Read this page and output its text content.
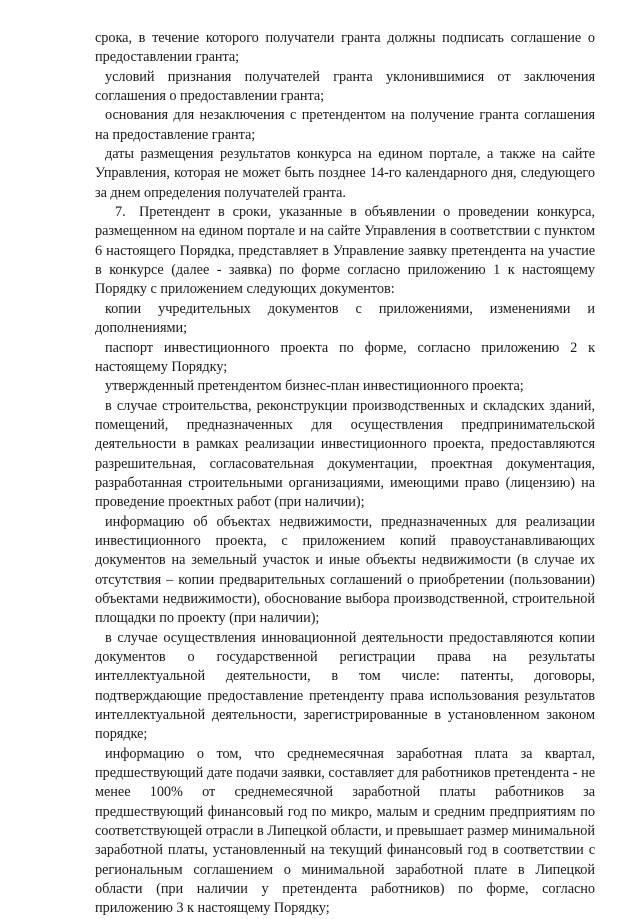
срока, в течение которого получатели гранта должны подписать соглашение о предоставлении гранта;

условий признания получателей гранта уклонившимися от заключения соглашения о предоставлении гранта;

основания для незаключения с претендентом на получение гранта соглашения на предоставление гранта;

даты размещения результатов конкурса на едином портале, а также на сайте Управления, которая не может быть позднее 14-го календарного дня, следующего за днем определения получателей гранта.

7. Претендент в сроки, указанные в объявлении о проведении конкурса, размещенном на едином портале и на сайте Управления в соответствии с пунктом 6 настоящего Порядка, представляет в Управление заявку претендента на участие в конкурсе (далее - заявка) по форме согласно приложению 1 к настоящему Порядку с приложением следующих документов:

копии учредительных документов с приложениями, изменениями и дополнениями;

паспорт инвестиционного проекта по форме, согласно приложению 2 к настоящему Порядку;

утвержденный претендентом бизнес-план инвестиционного проекта;

в случае строительства, реконструкции производственных и складских зданий, помещений, предназначенных для осуществления предпринимательской деятельности в рамках реализации инвестиционного проекта, предоставляются разрешительная, согласовательная документации, проектная документация, разработанная строительными организациями, имеющими право (лицензию) на проведение проектных работ (при наличии);

информацию об объектах недвижимости, предназначенных для реализации инвестиционного проекта, с приложением копий правоустанавливающих документов на земельный участок и иные объекты недвижимости (в случае их отсутствия – копии предварительных соглашений о приобретении (пользовании) объектами недвижимости), обоснование выбора производственной, строительной площадки по проекту (при наличии);

в случае осуществления инновационной деятельности предоставляются копии документов о государственной регистрации права на результаты интеллектуальной деятельности, в том числе: патенты, договоры, подтверждающие предоставление претенденту права использования результатов интеллектуальной деятельности, зарегистрированные в установленном законом порядке;

информацию о том, что среднемесячная заработная плата за квартал, предшествующий дате подачи заявки, составляет для работников претендента - не менее 100% от среднемесячной заработной платы работников за предшествующий финансовый год по микро, малым и средним предприятиям по соответствующей отрасли в Липецкой области, и превышает размер минимальной заработной платы, установленный на текущий финансовый год в соответствии с региональным соглашением о минимальной заработной плате в Липецкой области (при наличии у претендента работников) по форме, согласно приложению 3 к настоящему Порядку;
